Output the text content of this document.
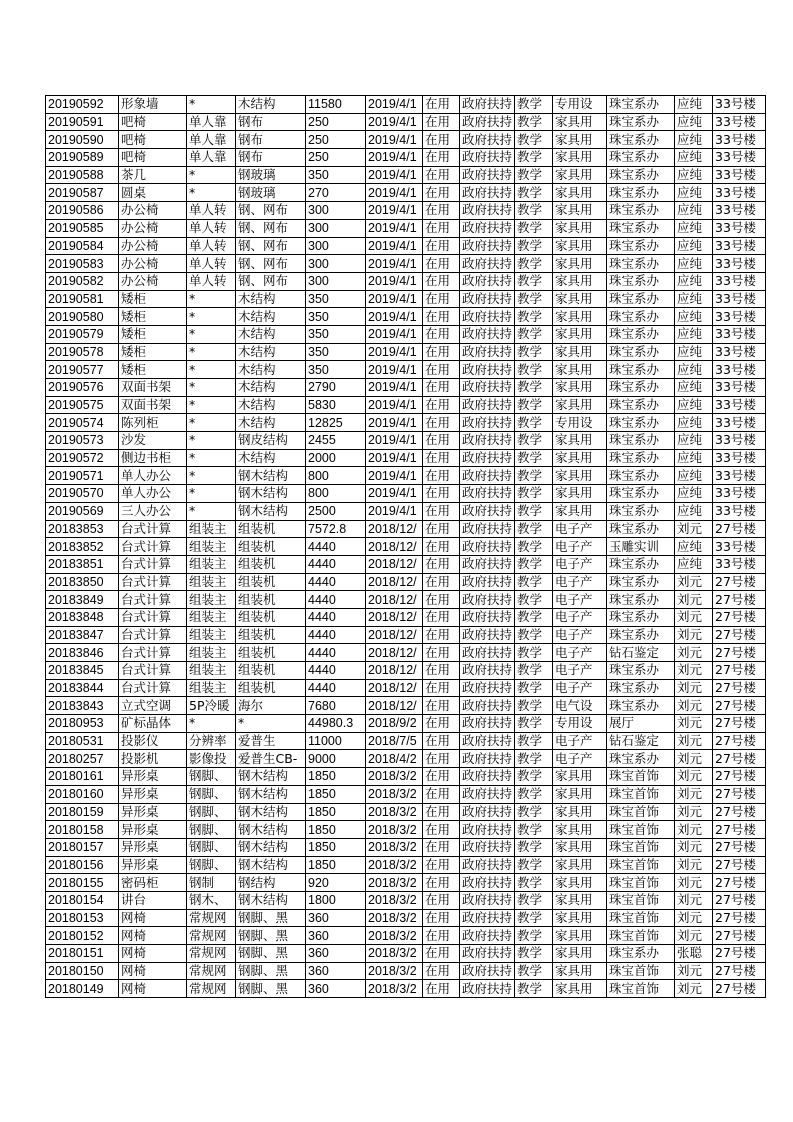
20190592	形象墙	*	木结构	11580	2019/4/1	在用	政府扶持	教学	专用设	珠宝系办	应纯	33号楼
20190591	吧椅	单人靠	钢布	250	2019/4/1	在用	政府扶持	教学	家具用	珠宝系办	应纯	33号楼
20190590	吧椅	单人靠	钢布	250	2019/4/1	在用	政府扶持	教学	家具用	珠宝系办	应纯	33号楼
20190589	吧椅	单人靠	钢布	250	2019/4/1	在用	政府扶持	教学	家具用	珠宝系办	应纯	33号楼
20190588	茶几	*	钢玻璃	350	2019/4/1	在用	政府扶持	教学	家具用	珠宝系办	应纯	33号楼
20190587	圆桌	*	钢玻璃	270	2019/4/1	在用	政府扶持	教学	家具用	珠宝系办	应纯	33号楼
20190586	办公椅	单人转	钢、网布	300	2019/4/1	在用	政府扶持	教学	家具用	珠宝系办	应纯	33号楼
20190585	办公椅	单人转	钢、网布	300	2019/4/1	在用	政府扶持	教学	家具用	珠宝系办	应纯	33号楼
20190584	办公椅	单人转	钢、网布	300	2019/4/1	在用	政府扶持	教学	家具用	珠宝系办	应纯	33号楼
20190583	办公椅	单人转	钢、网布	300	2019/4/1	在用	政府扶持	教学	家具用	珠宝系办	应纯	33号楼
20190582	办公椅	单人转	钢、网布	300	2019/4/1	在用	政府扶持	教学	家具用	珠宝系办	应纯	33号楼
20190581	矮柜	*	木结构	350	2019/4/1	在用	政府扶持	教学	家具用	珠宝系办	应纯	33号楼
20190580	矮柜	*	木结构	350	2019/4/1	在用	政府扶持	教学	家具用	珠宝系办	应纯	33号楼
20190579	矮柜	*	木结构	350	2019/4/1	在用	政府扶持	教学	家具用	珠宝系办	应纯	33号楼
20190578	矮柜	*	木结构	350	2019/4/1	在用	政府扶持	教学	家具用	珠宝系办	应纯	33号楼
20190577	矮柜	*	木结构	350	2019/4/1	在用	政府扶持	教学	家具用	珠宝系办	应纯	33号楼
20190576	双面书架	*	木结构	2790	2019/4/1	在用	政府扶持	教学	家具用	珠宝系办	应纯	33号楼
20190575	双面书架	*	木结构	5830	2019/4/1	在用	政府扶持	教学	家具用	珠宝系办	应纯	33号楼
20190574	陈列柜	*	木结构	12825	2019/4/1	在用	政府扶持	教学	专用设	珠宝系办	应纯	33号楼
20190573	沙发	*	钢皮结构	2455	2019/4/1	在用	政府扶持	教学	家具用	珠宝系办	应纯	33号楼
20190572	侧边书柜	*	木结构	2000	2019/4/1	在用	政府扶持	教学	家具用	珠宝系办	应纯	33号楼
20190571	单人办公	*	钢木结构	800	2019/4/1	在用	政府扶持	教学	家具用	珠宝系办	应纯	33号楼
20190570	单人办公	*	钢木结构	800	2019/4/1	在用	政府扶持	教学	家具用	珠宝系办	应纯	33号楼
20190569	三人办公	*	钢木结构	2500	2019/4/1	在用	政府扶持	教学	家具用	珠宝系办	应纯	33号楼
20183853	台式计算	组装主	组装机	7572.8	2018/12/	在用	政府扶持	教学	电子产	珠宝系办	刘元	27号楼
20183852	台式计算	组装主	组装机	4440	2018/12/	在用	政府扶持	教学	电子产	玉雕实训	应纯	33号楼
20183851	台式计算	组装主	组装机	4440	2018/12/	在用	政府扶持	教学	电子产	珠宝系办	应纯	33号楼
20183850	台式计算	组装主	组装机	4440	2018/12/	在用	政府扶持	教学	电子产	珠宝系办	刘元	27号楼
20183849	台式计算	组装主	组装机	4440	2018/12/	在用	政府扶持	教学	电子产	珠宝系办	刘元	27号楼
20183848	台式计算	组装主	组装机	4440	2018/12/	在用	政府扶持	教学	电子产	珠宝系办	刘元	27号楼
20183847	台式计算	组装主	组装机	4440	2018/12/	在用	政府扶持	教学	电子产	珠宝系办	刘元	27号楼
20183846	台式计算	组装主	组装机	4440	2018/12/	在用	政府扶持	教学	电子产	钻石鉴定	刘元	27号楼
20183845	台式计算	组装主	组装机	4440	2018/12/	在用	政府扶持	教学	电子产	珠宝系办	刘元	27号楼
20183844	台式计算	组装主	组装机	4440	2018/12/	在用	政府扶持	教学	电子产	珠宝系办	刘元	27号楼
20183843	立式空调	5P冷暖	海尔	7680	2018/12/	在用	政府扶持	教学	电气设	珠宝系办	刘元	27号楼
20180953	矿标晶体	*	*	44980.3	2018/9/2	在用	政府扶持	教学	专用设	展厅	刘元	27号楼
20180531	投影仪	分辨率	爱普生	11000	2018/7/5	在用	政府扶持	教学	电子产	钻石鉴定	刘元	27号楼
20180257	投影机	影像投	爱普生CB-	9000	2018/4/2	在用	政府扶持	教学	电子产	珠宝系办	刘元	27号楼
20180161	异形桌	钢脚、	钢木结构	1850	2018/3/2	在用	政府扶持	教学	家具用	珠宝首饰	刘元	27号楼
20180160	异形桌	钢脚、	钢木结构	1850	2018/3/2	在用	政府扶持	教学	家具用	珠宝首饰	刘元	27号楼
20180159	异形桌	钢脚、	钢木结构	1850	2018/3/2	在用	政府扶持	教学	家具用	珠宝首饰	刘元	27号楼
20180158	异形桌	钢脚、	钢木结构	1850	2018/3/2	在用	政府扶持	教学	家具用	珠宝首饰	刘元	27号楼
20180157	异形桌	钢脚、	钢木结构	1850	2018/3/2	在用	政府扶持	教学	家具用	珠宝首饰	刘元	27号楼
20180156	异形桌	钢脚、	钢木结构	1850	2018/3/2	在用	政府扶持	教学	家具用	珠宝首饰	刘元	27号楼
20180155	密码柜	钢制	钢结构	920	2018/3/2	在用	政府扶持	教学	家具用	珠宝首饰	刘元	27号楼
20180154	讲台	钢木、	钢木结构	1800	2018/3/2	在用	政府扶持	教学	家具用	珠宝首饰	刘元	27号楼
20180153	网椅	常规网	钢脚、黑	360	2018/3/2	在用	政府扶持	教学	家具用	珠宝首饰	刘元	27号楼
20180152	网椅	常规网	钢脚、黑	360	2018/3/2	在用	政府扶持	教学	家具用	珠宝首饰	刘元	27号楼
20180151	网椅	常规网	钢脚、黑	360	2018/3/2	在用	政府扶持	教学	家具用	珠宝系办	张聪	27号楼
20180150	网椅	常规网	钢脚、黑	360	2018/3/2	在用	政府扶持	教学	家具用	珠宝首饰	刘元	27号楼
20180149	网椅	常规网	钢脚、黑	360	2018/3/2	在用	政府扶持	教学	家具用	珠宝首饰	刘元	27号楼
